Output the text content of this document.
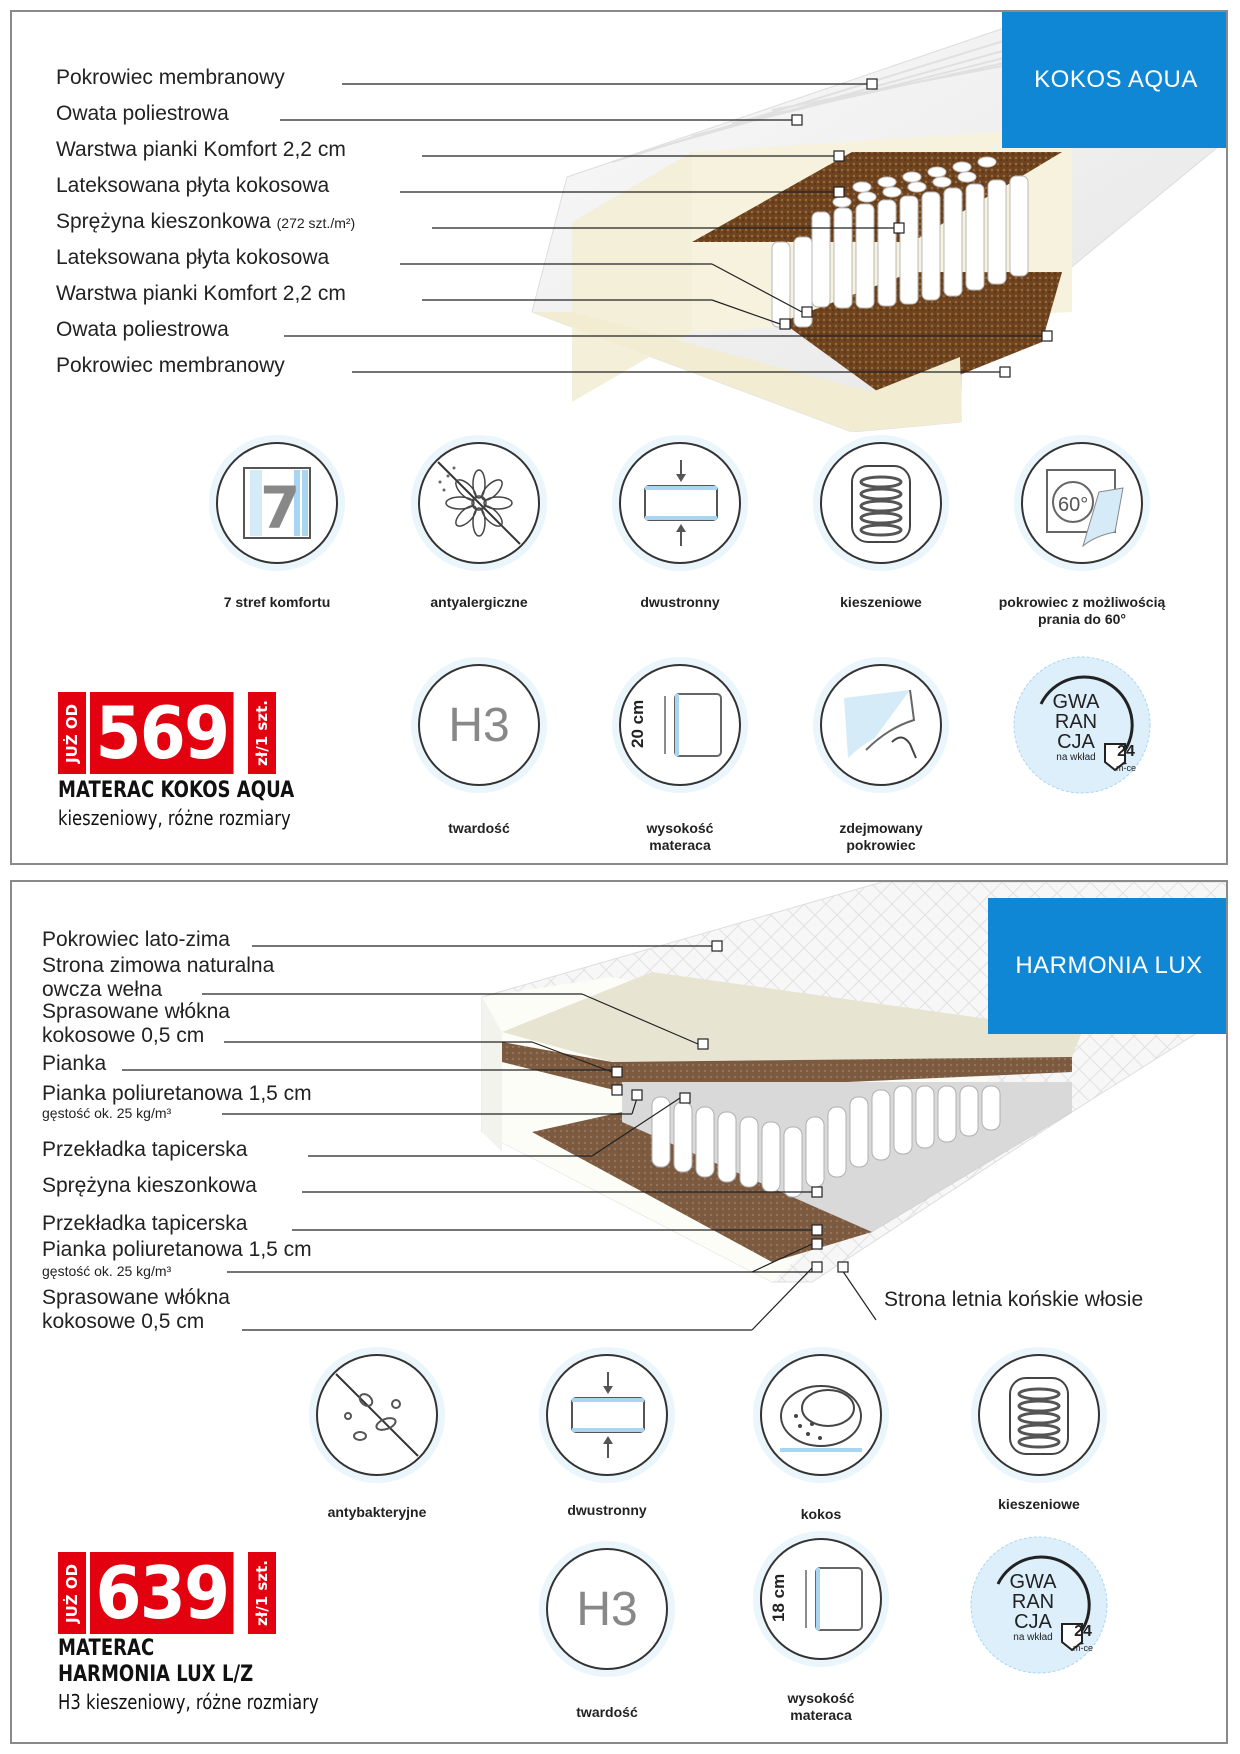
KOKOS AQUA
Pokrowiec membranowy
Owata poliestrowa
Warstwa pianki Komfort 2,2 cm
Lateksowana płyta kokosowa
Sprężyna kieszonkowa (272 szt./m²)
Lateksowana płyta kokosowa
Warstwa pianki Komfort 2,2 cm
Owata poliestrowa
Pokrowiec membranowy
7	60°
7 stref komfortu	antyalergiczne	dwustronny	kieszeniowe	pokrowiec z możliwością prania do 60°
H3	20 cm
twardość	wysokość materaca
zdejmowany pokrowiec
GWA
RAN
CJA
na wkład	24
m-ce
JUŻ OD 569	zł/1 szt.
MATERAC KOKOS AQUA
kieszeniowy, różne rozmiary
HARMONIA LUX
Pokrowiec lato-zima
Strona zimowa naturalna
owcza wełna
Sprasowane włókna
kokosowe 0,5 cm
Pianka
Pianka poliuretanowa 1,5 cm
gęstość ok. 25 kg/m³
Przekładka tapicerska
Sprężyna kieszonkowa
Przekładka tapicerska
Pianka poliuretanowa 1,5 cm
gęstość ok. 25 kg/m³
Sprasowane włókna
kokosowe 0,5 cm
Strona letnia końskie włosie
antybakteryjne	dwustronny	kokos
kieszeniowe
H3	18 cm
twardość
wysokość materaca
GWA
RAN
CJA
na wkład	24
m-ce
JUŻ OD 639	zł/1 szt.
MATERAC
HARMONIA LUX L/Z
H3 kieszeniowy, różne rozmiary
